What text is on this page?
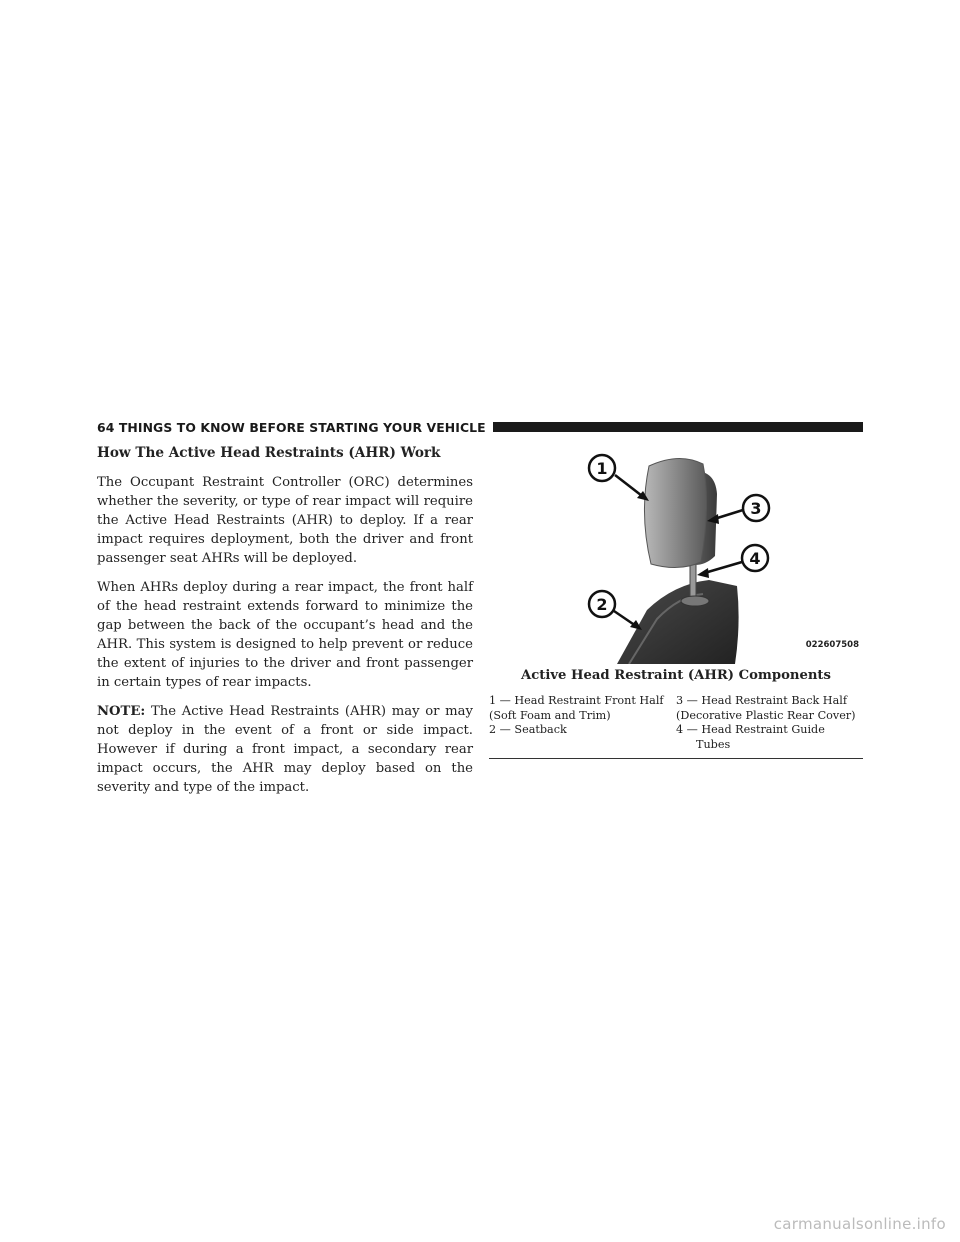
64 THINGS TO KNOW BEFORE STARTING YOUR VEHICLE
How The Active Head Restraints (AHR) Work

The Occupant Restraint Controller (ORC) determines whether the severity, or type of rear impact will require the Active Head Restraints (AHR) to deploy. If a rear impact requires deployment, both the driver and front passenger seat AHRs will be deployed.

When AHRs deploy during a rear impact, the front half of the head restraint extends forward to minimize the gap between the back of the occupant’s head and the AHR. This system is designed to help prevent or reduce the extent of injuries to the driver and front passenger in certain types of rear impacts.

NOTE: The Active Head Restraints (AHR) may or may not deploy in the event of a front or side impact. However if during a front impact, a secondary rear impact occurs, the AHR may deploy based on the severity and type of the impact.

1
3
4
2
022607508
Active Head Restraint (AHR) Components

1 — Head Restraint Front Half

(Soft Foam and Trim)

2 — Seatback

3 — Head Restraint Back Half

(Decorative Plastic Rear Cover)

4 — Head Restraint Guide

Tubes

carmanualsonline.info
